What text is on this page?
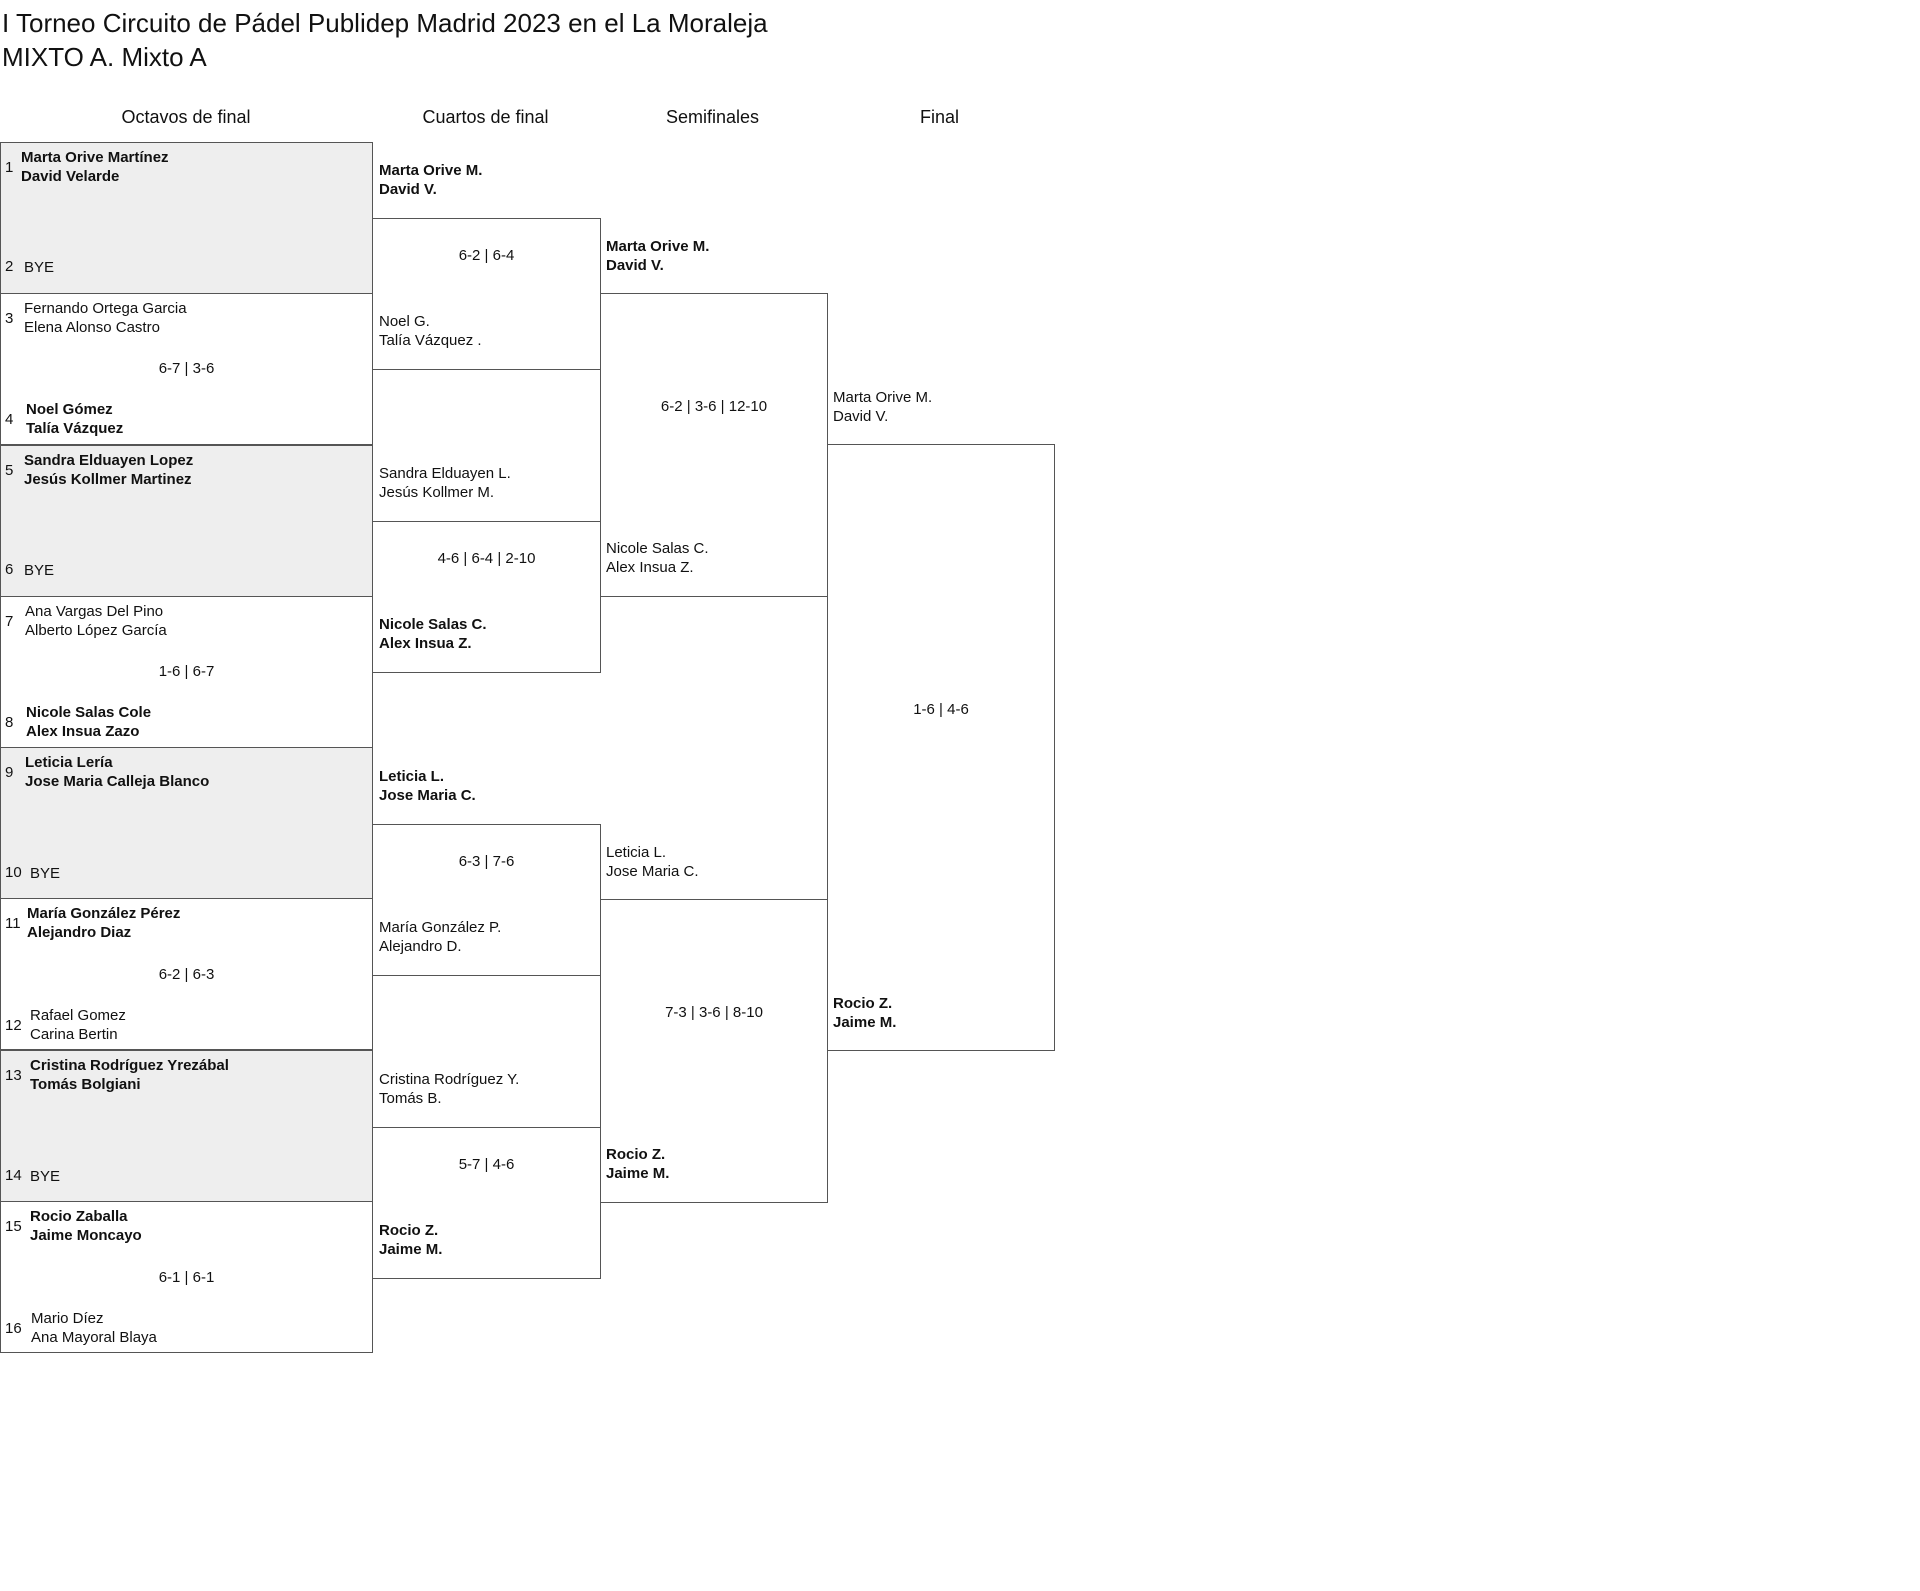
I Torneo Circuito de Pádel Publidep Madrid 2023 en el La Moraleja
MIXTO A. Mixto A
Octavos de final	Cuartos de final	Semifinales	Final
1
Marta Orive Martínez
David Velarde
2 BYE
3
Fernando Ortega Garcia
Elena Alonso Castro
6-7 | 3-6
4
Noel Gómez
Talía Vázquez
5
Sandra Elduayen Lopez
Jesús Kollmer Martinez
6 BYE
7
Ana Vargas Del Pino
Alberto López García
1-6 | 6-7
8
Nicole Salas Cole
Alex Insua Zazo
9
Leticia Lería
Jose Maria Calleja Blanco
10 BYE
11
María González Pérez
Alejandro Diaz
6-2 | 6-3
12
Rafael Gomez
Carina Bertin
13
Cristina Rodríguez Yrezábal
Tomás Bolgiani
14 BYE
15
Rocio Zaballa
Jaime Moncayo
6-1 | 6-1
16
Mario Díez
Ana Mayoral Blaya
Marta Orive M.
David V.
6-2 | 6-4
Noel G.
Talía Vázquez .
Sandra Elduayen L.
Jesús Kollmer M.
4-6 | 6-4 | 2-10
Nicole Salas C.
Alex Insua Z.
Leticia L.
Jose Maria C.
6-3 | 7-6
María González P.
Alejandro D.
Cristina Rodríguez Y.
Tomás B.
5-7 | 4-6
Rocio Z.
Jaime M.
Marta Orive M.
David V.
6-2 | 3-6 | 12-10
Nicole Salas C.
Alex Insua Z.
Leticia L.
Jose Maria C.
7-3 | 3-6 | 8-10
Rocio Z.
Jaime M.
Marta Orive M.
David V.
1-6 | 4-6
Rocio Z.
Jaime M.
